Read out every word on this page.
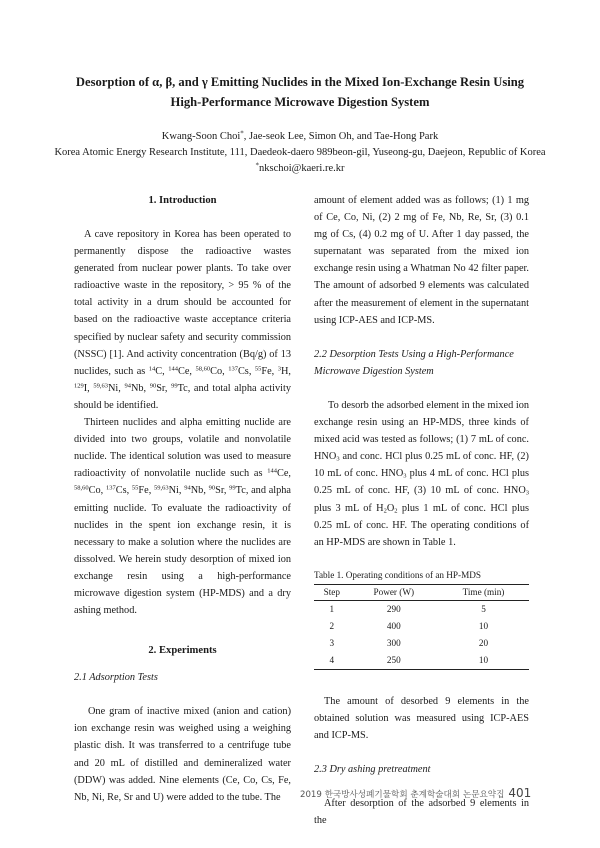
Desorption of α, β, and γ Emitting Nuclides in the Mixed Ion-Exchange Resin Using
High-Performance Microwave Digestion System
Kwang-Soon Choi*, Jae-seok Lee, Simon Oh, and Tae-Hong Park
Korea Atomic Energy Research Institute, 111, Daedeok-daero 989beon-gil, Yuseong-gu, Daejeon, Republic of Korea
*nkschoi@kaeri.re.kr
1. Introduction

A cave repository in Korea has been operated to permanently dispose the radioactive wastes generated from nuclear power plants. To take over radioactive waste in the repository, > 95 % of the total activity in a drum should be accounted for based on the radioactive waste acceptance criteria specified by nuclear safety and security commission (NSSC) [1]. And activity concentration (Bq/g) of 13 nuclides, such as $^{14}$C, $^{144}$Ce, $^{58,60}$Co, $^{137}$Cs, $^{55}$Fe, $^3$H, $^{129}$I, $^{59,63}$Ni, $^{94}$Nb, $^{90}$Sr, $^{99}$Tc, and total alpha activity should be identified.

Thirteen nuclides and alpha emitting nuclide are divided into two groups, volatile and nonvolatile nuclide. The identical solution was used to measure radioactivity of nonvolatile nuclide such as $^{144}$Ce, $^{58,60}$Co, $^{137}$Cs, $^{55}$Fe, $^{59,63}$Ni, $^{94}$Nb, $^{90}$Sr, $^{99}$Tc, and alpha emitting nuclide. To evaluate the radioactivity of nuclides in the spent ion exchange resin, it is necessary to make a solution where the nuclides are dissolved. We herein study desorption of mixed ion exchange resin using a high-performance microwave digestion system (HP-MDS) and a dry ashing method.

2. Experiments
2.1 Adsorption Tests

One gram of inactive mixed (anion and cation) ion exchange resin was weighed using a weighing plastic dish. It was transferred to a centrifuge tube and 20 mL of distilled and demineralized water (DDW) was added. Nine elements (Ce, Co, Cs, Fe, Nb, Ni, Re, Sr and U) were added to the tube. The

amount of element added was as follows; (1) 1 mg of Ce, Co, Ni, (2) 2 mg of Fe, Nb, Re, Sr, (3) 0.1 mg of Cs, (4) 0.2 mg of U. After 1 day passed, the supernatant was separated from the mixed ion exchange resin using a Whatman No 42 filter paper. The amount of adsorbed 9 elements was calculated after the measurement of element in the supernatant using ICP-AES and ICP-MS.

2.2 Desorption Tests Using a High-Performance Microwave Digestion System

To desorb the adsorbed element in the mixed ion exchange resin using an HP-MDS, three kinds of mixed acid was tested as follows; (1) 7 mL of conc. $HNO_3$ and conc. HCl plus 0.25 mL of conc. HF, (2) 10 mL of conc. $HNO_3$ plus 4 mL of conc. HCl plus 0.25 mL of conc. HF, (3) 10 mL of conc. $HNO_3$ plus 3 mL of $H_2O_2$ plus 1 mL of conc. HCl plus 0.25 mL of conc. HF. The operating conditions of an HP-MDS are shown in Table 1.

Table 1. Operating conditions of an HP-MDS
Step	Power (W)	Time (min)
1	290	5
2	400	10
3	300	20
4	250	10

The amount of desorbed 9 elements in the obtained solution was measured using ICP-AES and ICP-MS.

2.3 Dry ashing pretreatment

After desorption of the adsorbed 9 elements in the

2019 한국방사성폐기물학회 춘계학술대회 논문요약집 401
